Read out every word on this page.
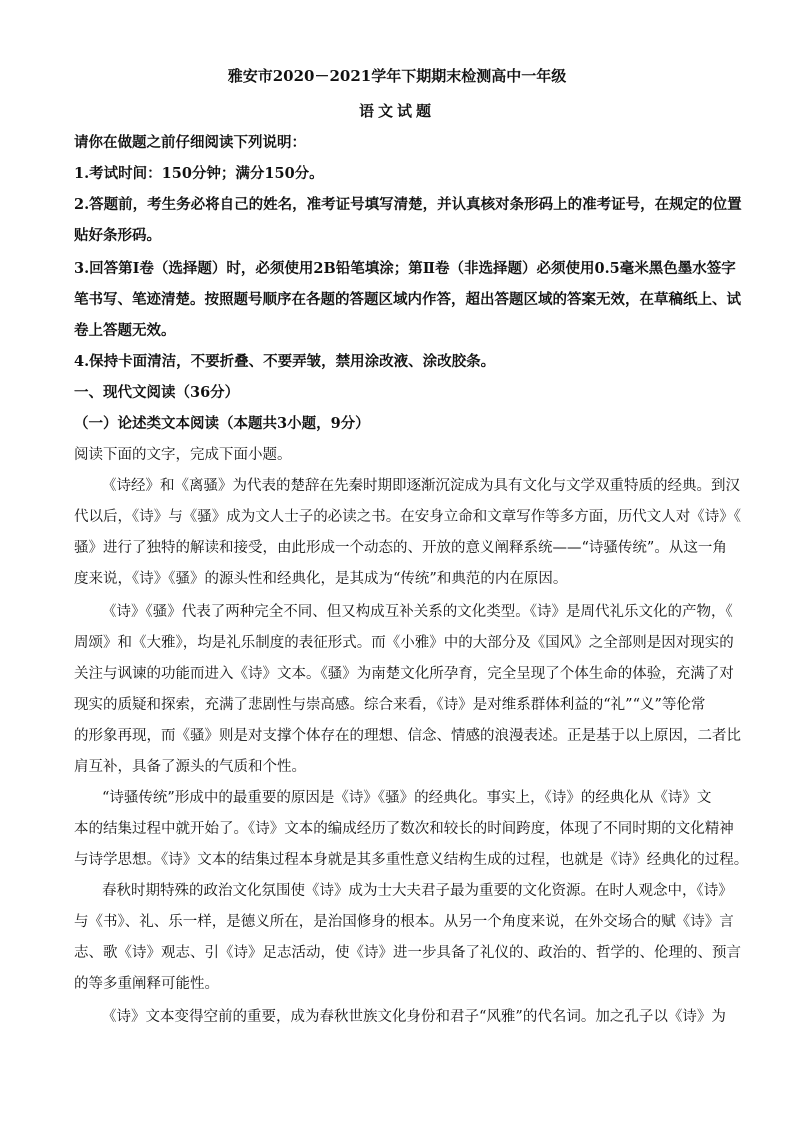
雅安市2020－2021学年下期期末检测高中一年级
语文试题
请你在做题之前仔细阅读下列说明：
1.考试时间：150分钟；满分150分。
2.答题前，考生务必将自己的姓名，准考证号填写清楚，并认真核对条形码上的准考证号，在规定的位置
贴好条形码。
3.回答第Ⅰ卷（选择题）时，必须使用2B铅笔填涂；第Ⅱ卷（非选择题）必须使用0.5毫米黑色墨水签字
笔书写、笔迹清楚。按照题号顺序在各题的答题区域内作答，超出答题区域的答案无效，在草稿纸上、试
卷上答题无效。
4.保持卡面清洁，不要折叠、不要弄皱，禁用涂改液、涂改胶条。
一、现代文阅读（36分）
（一）论述类文本阅读（本题共3小题，9分）
阅读下面的文字，完成下面小题。
《诗经》和《离骚》为代表的楚辞在先秦时期即逐渐沉淀成为具有文化与文学双重特质的经典。到汉
代以后，《诗》与《骚》成为文人士子的必读之书。在安身立命和文章写作等多方面，历代文人对《诗》《
骚》进行了独特的解读和接受，由此形成一个动态的、开放的意义阐释系统——“诗骚传统”。从这一角
度来说，《诗》《骚》的源头性和经典化，是其成为“传统”和典范的内在原因。
《诗》《骚》代表了两种完全不同、但又构成互补关系的文化类型。《诗》是周代礼乐文化的产物，《
周颂》和《大雅》，均是礼乐制度的表征形式。而《小雅》中的大部分及《国风》之全部则是因对现实的
关注与讽谏的功能而进入《诗》文本。《骚》为南楚文化所孕育，完全呈现了个体生命的体验，充满了对
现实的质疑和探索，充满了悲剧性与崇高感。综合来看，《诗》是对维系群体利益的“礼”“义”等伦常
的形象再现，而《骚》则是对支撑个体存在的理想、信念、情感的浪漫表述。正是基于以上原因，二者比
肩互补，具备了源头的气质和个性。
“诗骚传统”形成中的最重要的原因是《诗》《骚》的经典化。事实上，《诗》的经典化从《诗》文
本的结集过程中就开始了。《诗》文本的编成经历了数次和较长的时间跨度，体现了不同时期的文化精神
与诗学思想。《诗》文本的结集过程本身就是其多重性意义结构生成的过程，也就是《诗》经典化的过程。
春秋时期特殊的政治文化氛围使《诗》成为士大夫君子最为重要的文化资源。在时人观念中，《诗》
与《书》、礼、乐一样，是德义所在，是治国修身的根本。从另一个角度来说，在外交场合的赋《诗》言
志、歌《诗》观志、引《诗》足志活动，使《诗》进一步具备了礼仪的、政治的、哲学的、伦理的、预言
的等多重阐释可能性。
《诗》文本变得空前的重要，成为春秋世族文化身份和君子“风雅”的代名词。加之孔子以《诗》为
